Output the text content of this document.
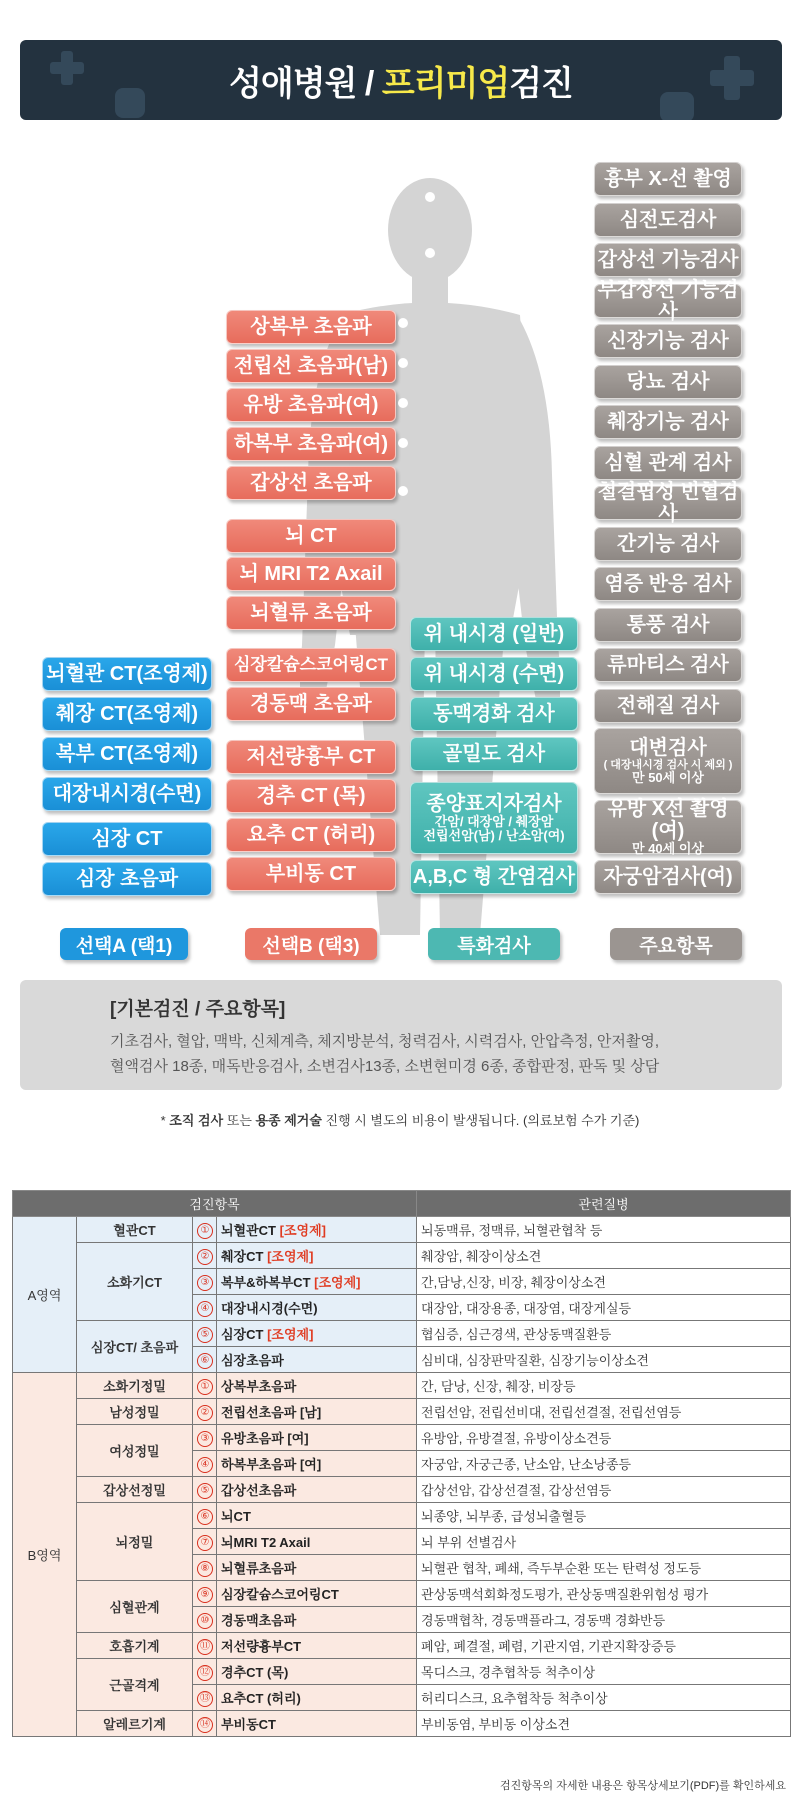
성애병원 /
프리미엄 검진
흉부 X-선 촬영
심전도검사
갑상선 기능검사
부갑상선 기능검사
신장기능 검사
당뇨 검사
췌장기능 검사
심혈 관계 검사
철결핍성 빈혈검사
간기능 검사
염증 반응 검사
통풍 검사
류마티스 검사
전해질 검사
대변검사
( 대장내시경 검사 시 제외 )
만 50세 이상
유방 X선 촬영(여)
만 40세 이상
자궁암검사(여)
상복부 초음파
전립선 초음파(남)
유방 초음파(여)
하복부 초음파(여)
갑상선 초음파
뇌 CT
뇌 MRI T2 Axail
뇌혈류 초음파
심장칼슘스코어링CT
경동맥 초음파
저선량흉부 CT
경추 CT (목)
요추 CT (허리)
부비동 CT
뇌혈관 CT(조영제)
췌장 CT(조영제)
복부 CT(조영제)
대장내시경(수면)
심장 CT
심장 초음파
위 내시경 (일반)
위 내시경 (수면)
동맥경화 검사
골밀도 검사
종양표지자검사
간암/ 대장암 / 췌장암
전립선암(남) / 난소암(여)
A,B,C 형 간염검사
선택A (택1)	선택B (택3)	특화검사	주요항목
[기본검진 / 주요항목]
기초검사, 혈압, 맥박, 신체계측, 체지방분석, 청력검사, 시력검사, 안압측정, 안저촬영,
혈액검사 18종, 매독반응검사, 소변검사13종, 소변현미경 6종, 종합판정, 판독 및 상담
* 조직 검사 또는 용종 제거술 진행 시 별도의 비용이 발생됩니다. (의료보험 수가 기준)
검진항목				관련질병
A영역	혈관CT	①	뇌혈관CT [조영제]	뇌동맥류, 정맥류, 뇌혈관협착 등
	소화기CT	②	췌장CT [조영제]	췌장암, 췌장이상소견
		③	복부&하복부CT [조영제]	간,담낭,신장, 비장, 췌장이상소견
		④	대장내시경(수면)	대장암, 대장용종, 대장염, 대장게실등
	심장CT/ 초음파	⑤	심장CT [조영제]	협심증, 심근경색, 관상동맥질환등
		⑥	심장초음파	심비대, 심장판막질환, 심장기능이상소견
B영역	소화기정밀	①	상복부초음파	간, 담낭, 신장, 췌장, 비장등
	남성정밀	②	전립선초음파 [남]	전립선암, 전립선비대, 전립선결절, 전립선염등
	여성정밀	③	유방초음파 [여]	유방암, 유방결절, 유방이상소견등
		④	하복부초음파 [여]	자궁암, 자궁근종, 난소암, 난소낭종등
	갑상선정밀	⑤	갑상선초음파	갑상선암, 갑상선결절, 갑상선염등
	뇌정밀	⑥	뇌CT	뇌종양, 뇌부종, 급성뇌출혈등
		⑦	뇌MRI T2 Axail	뇌 부위 선별검사
		⑧	뇌혈류초음파	뇌혈관 협착, 폐쇄, 즉두부순환 또는 탄력성 정도등
	심혈관계	⑨	심장칼슘스코어링CT	관상동맥석회화정도평가, 관상동맥질환위험성 평가
		⑩	경동맥초음파	경동맥협착, 경동맥플라그, 경동맥 경화반등
	호흡기계	⑪	저선량흉부CT	폐암, 폐결절, 폐렴, 기관지염, 기관지확장증등
	근골격계	⑫	경추CT (목)	목디스크, 경추협착등 척추이상
		⑬	요추CT (허리)	허리디스크, 요추협착등 척추이상
	알레르기계	⑭	부비동CT	부비동염, 부비동 이상소견
검진항목의 자세한 내용은 항목상세보기(PDF)를 확인하세요
